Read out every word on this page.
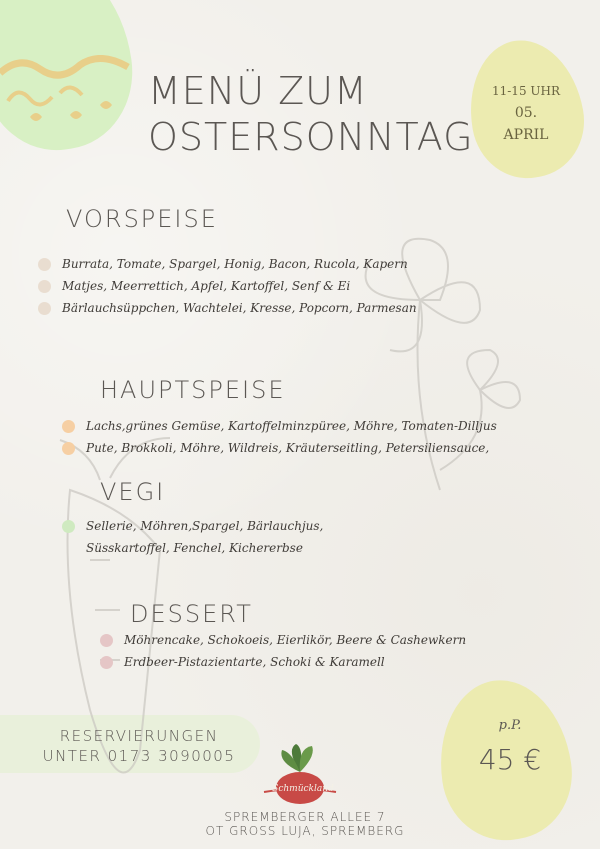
MENÜ ZUM
OSTERSONNTAG
11-15 UHR
05.
APRIL
VORSPEISE
Burrata, Tomate, Spargel, Honig, Bacon, Rucola, Kapern
Matjes, Meerrettich, Apfel, Kartoffel, Senf & Ei
Bärlauchsüppchen, Wachtelei, Kresse, Popcorn, Parmesan
HAUPTSPEISE
Lachs,grünes Gemüse, Kartoffelminzpüree, Möhre, Tomaten-Dilljus
Pute, Brokkoli, Möhre, Wildreis, Kräuterseitling, Petersiliensauce,
VEGI
Sellerie, Möhren,Spargel, Bärlauchjus,
Süsskartoffel, Fenchel, Kichererbse
DESSERT
Möhrencake, Schokoeis, Eierlikör, Beere & Cashewkern
Erdbeer-Pistazientarte, Schoki & Karamell
RESERVIERUNGEN
UNTER 0173 3090005
p.P.
45 €
Schmückland
SPREMBERGER ALLEE 7
OT GROSS LUJA, SPREMBERG
